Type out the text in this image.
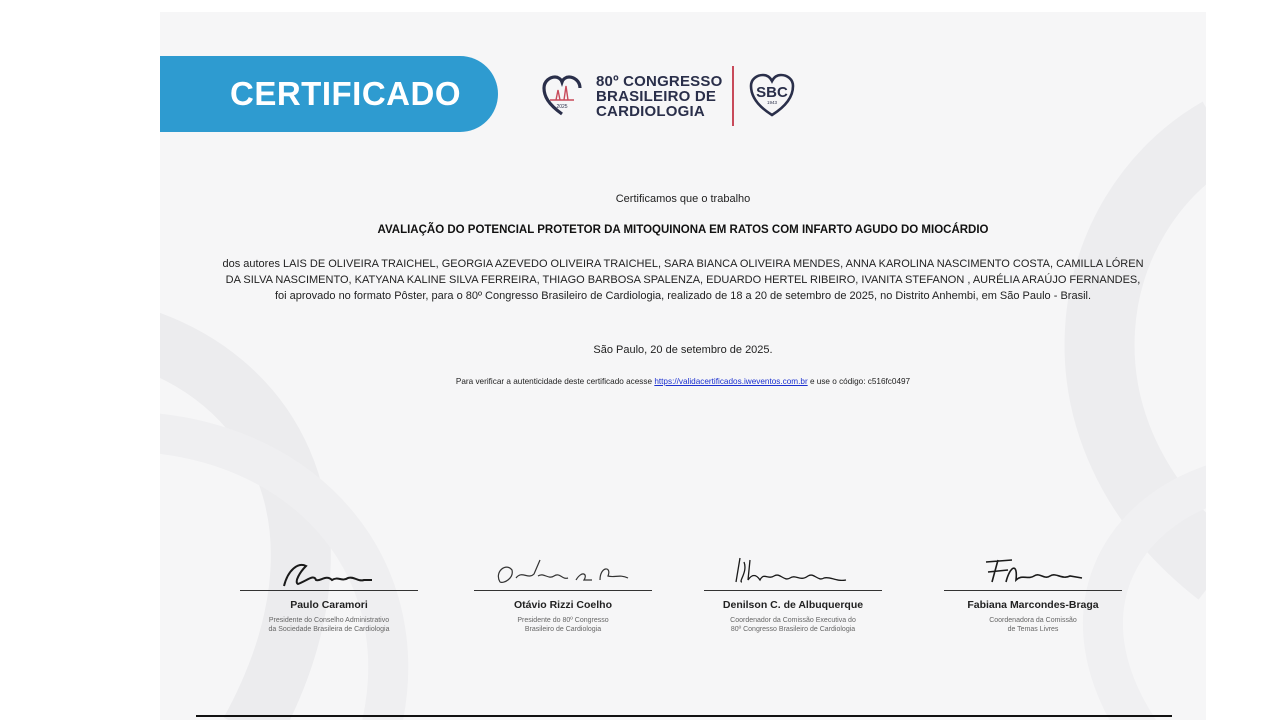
CERTIFICADO	2025
80º CONGRESSO
BRASILEIRO DE
CARDIOLOGIA
SBC
1943
Certificamos que o trabalho
AVALIAÇÃO DO POTENCIAL PROTETOR DA MITOQUINONA EM RATOS COM INFARTO AGUDO DO MIOCÁRDIO
dos autores LAIS DE OLIVEIRA TRAICHEL, GEORGIA AZEVEDO OLIVEIRA TRAICHEL, SARA BIANCA OLIVEIRA MENDES, ANNA KAROLINA NASCIMENTO COSTA, CAMILLA LÓREN DA SILVA NASCIMENTO, KATYANA KALINE SILVA FERREIRA, THIAGO BARBOSA SPALENZA, EDUARDO HERTEL RIBEIRO, IVANITA STEFANON , AURÉLIA ARAÚJO FERNANDES, foi aprovado no formato Pôster, para o 80º Congresso Brasileiro de Cardiologia, realizado de 18 a 20 de setembro de 2025, no Distrito Anhembi, em São Paulo - Brasil.
São Paulo, 20 de setembro de 2025.
Para verificar a autenticidade deste certificado acesse https://validacertificados.iweventos.com.br e use o código: c516fc0497
Paulo Caramori
Presidente do Conselho Administrativo
da Sociedade Brasileira de Cardiologia
Otávio Rizzi Coelho
Presidente do 80º Congresso
Brasileiro de Cardiologia
Denilson C. de Albuquerque
Coordenador da Comissão Executiva do
80º Congresso Brasileiro de Cardiologia
Fabiana Marcondes-Braga
Coordenadora da Comissão
de Temas Livres
